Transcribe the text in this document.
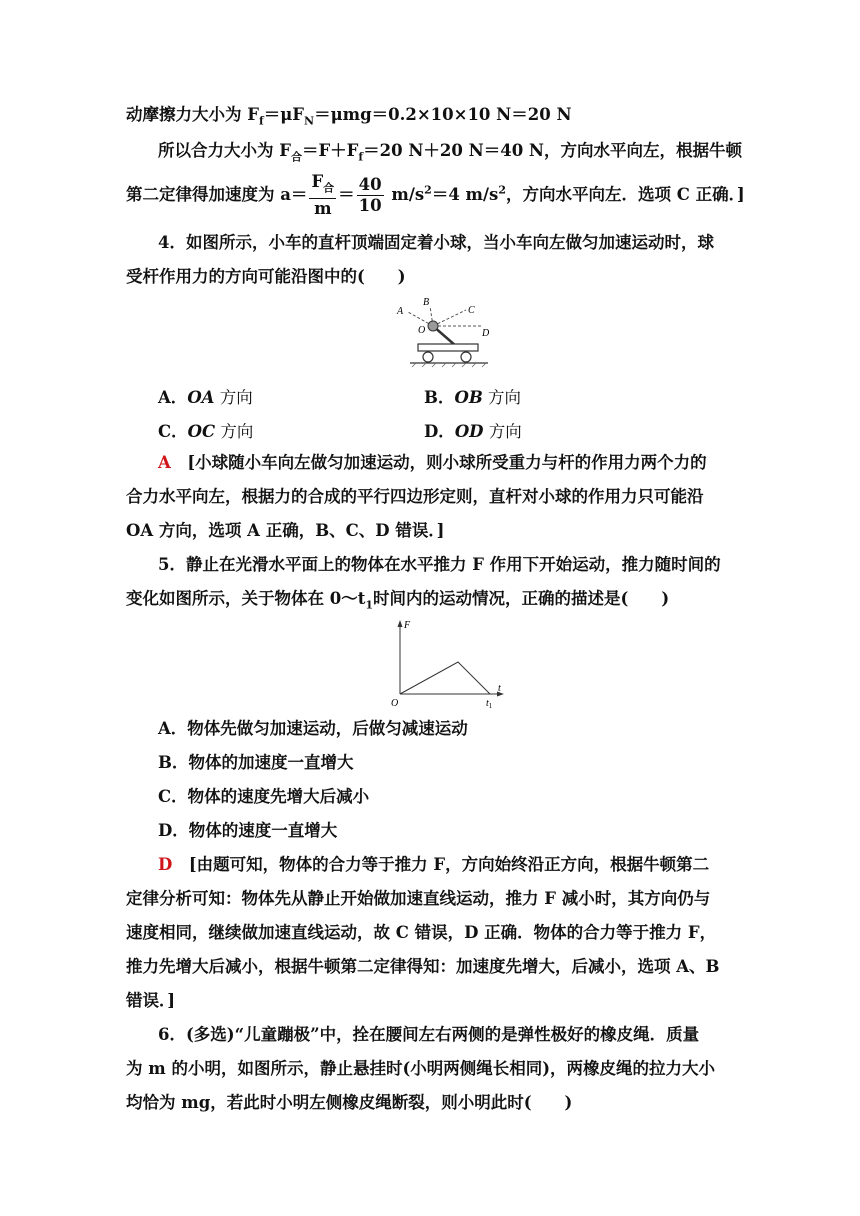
动摩擦力大小为 $F_f=\mu F_N=\mu mg=0.2\times 10\times 10$ N＝20 N
所以合力大小为 $F_合=F+F_f=20$ N＋20 N＝40 N，方向水平向左，根据牛顿
第二定律得加速度为 $a= \frac{F_合}{m} = \frac{40}{10} m/s^2=4$ $m/s^2$，方向水平向左．选项 C 正确．]
4．如图所示，小车的直杆顶端固定着小球，当小车向左做匀加速运动时，球
受杆作用力的方向可能沿图中的(　　)
A
B
C
D
O
A．OA 方向	B．OB 方向
C．OC 方向	D．OD 方向
A　 [小球随小车向左做匀加速运动，则小球所受重力与杆的作用力两个力的
合力水平向左，根据力的合成的平行四边形定则，直杆对小球的作用力只可能沿
OA 方向，选项 A 正确，B、C、D 错误．]
5．静止在光滑水平面上的物体在水平推力 F 作用下开始运动，推力随时间的
变化如图所示，关于物体在 $0\sim t_1$时间内的运动情况，正确的描述是(　　)
F
t
O	$t_1$
A．物体先做匀加速运动，后做匀减速运动
B．物体的加速度一直增大
C．物体的速度先增大后减小
D．物体的速度一直增大
D　 [由题可知，物体的合力等于推力 F，方向始终沿正方向，根据牛顿第二
定律分析可知：物体先从静止开始做加速直线运动，推力 F 减小时，其方向仍与
速度相同，继续做加速直线运动，故 C 错误，D 正确．物体的合力等于推力 F，
推力先增大后减小，根据牛顿第二定律得知：加速度先增大，后减小，选项 A、B
错误．]
6．(多选)“儿童蹦极”中，拴在腰间左右两侧的是弹性极好的橡皮绳．质量
为 m 的小明，如图所示，静止悬挂时(小明两侧绳长相同)，两橡皮绳的拉力大小
均恰为 mg，若此时小明左侧橡皮绳断裂，则小明此时(　　)
